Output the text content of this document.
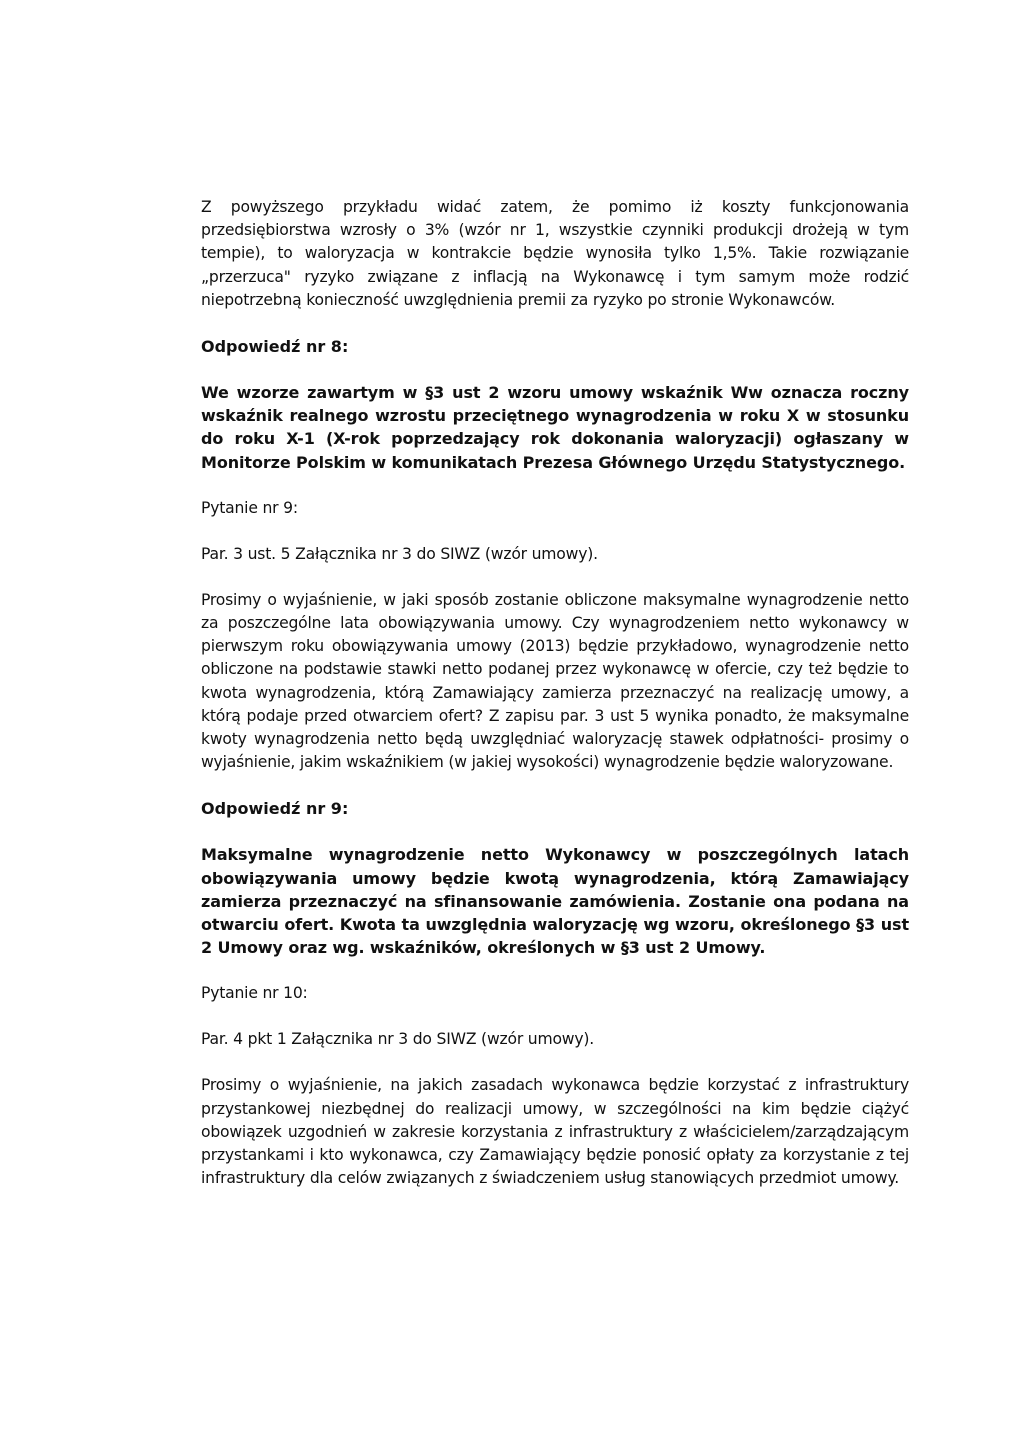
Z powyższego przykładu widać zatem, że pomimo iż koszty funkcjonowania przedsiębiorstwa wzrosły o 3% (wzór nr 1, wszystkie czynniki produkcji drożeją w tym tempie), to waloryzacja w kontrakcie będzie wynosiła tylko 1,5%. Takie rozwiązanie „przerzuca" ryzyko związane z inflacją na Wykonawcę i tym samym może rodzić niepotrzebną konieczność uwzględnienia premii za ryzyko po stronie Wykonawców.

Odpowiedź nr 8:

We wzorze zawartym w §3 ust 2 wzoru umowy wskaźnik Ww oznacza roczny wskaźnik realnego wzrostu przeciętnego wynagrodzenia w roku X w stosunku do roku X-1 (X-rok poprzedzający rok dokonania waloryzacji) ogłaszany w Monitorze Polskim w komunikatach Prezesa Głównego Urzędu Statystycznego.

Pytanie nr 9:
Par. 3 ust. 5 Załącznika nr 3 do SIWZ (wzór umowy).

Prosimy o wyjaśnienie, w jaki sposób zostanie obliczone maksymalne wynagrodzenie netto za poszczególne lata obowiązywania umowy. Czy wynagrodzeniem netto wykonawcy w pierwszym roku obowiązywania umowy (2013) będzie przykładowo, wynagrodzenie netto obliczone na podstawie stawki netto podanej przez wykonawcę w ofercie, czy też będzie to kwota wynagrodzenia, którą Zamawiający zamierza przeznaczyć na realizację umowy, a którą podaje przed otwarciem ofert? Z zapisu par. 3 ust 5 wynika ponadto, że maksymalne kwoty wynagrodzenia netto będą uwzględniać waloryzację stawek odpłatności- prosimy o wyjaśnienie, jakim wskaźnikiem (w jakiej wysokości) wynagrodzenie będzie waloryzowane.

Odpowiedź nr 9:

Maksymalne wynagrodzenie netto Wykonawcy w poszczególnych latach obowiązywania umowy będzie kwotą wynagrodzenia, którą Zamawiający zamierza przeznaczyć na sfinansowanie zamówienia. Zostanie ona podana na otwarciu ofert. Kwota ta uwzględnia waloryzację wg wzoru, określonego §3 ust 2 Umowy oraz wg. wskaźników, określonych w §3 ust 2 Umowy.

Pytanie nr 10:
Par. 4 pkt 1 Załącznika nr 3 do SIWZ (wzór umowy).

Prosimy o wyjaśnienie, na jakich zasadach wykonawca będzie korzystać z infrastruktury przystankowej niezbędnej do realizacji umowy, w szczególności na kim będzie ciążyć obowiązek uzgodnień w zakresie korzystania z infrastruktury z właścicielem/zarządzającym przystankami i kto wykonawca, czy Zamawiający będzie ponosić opłaty za korzystanie z tej infrastruktury dla celów związanych z świadczeniem usług stanowiących przedmiot umowy.
